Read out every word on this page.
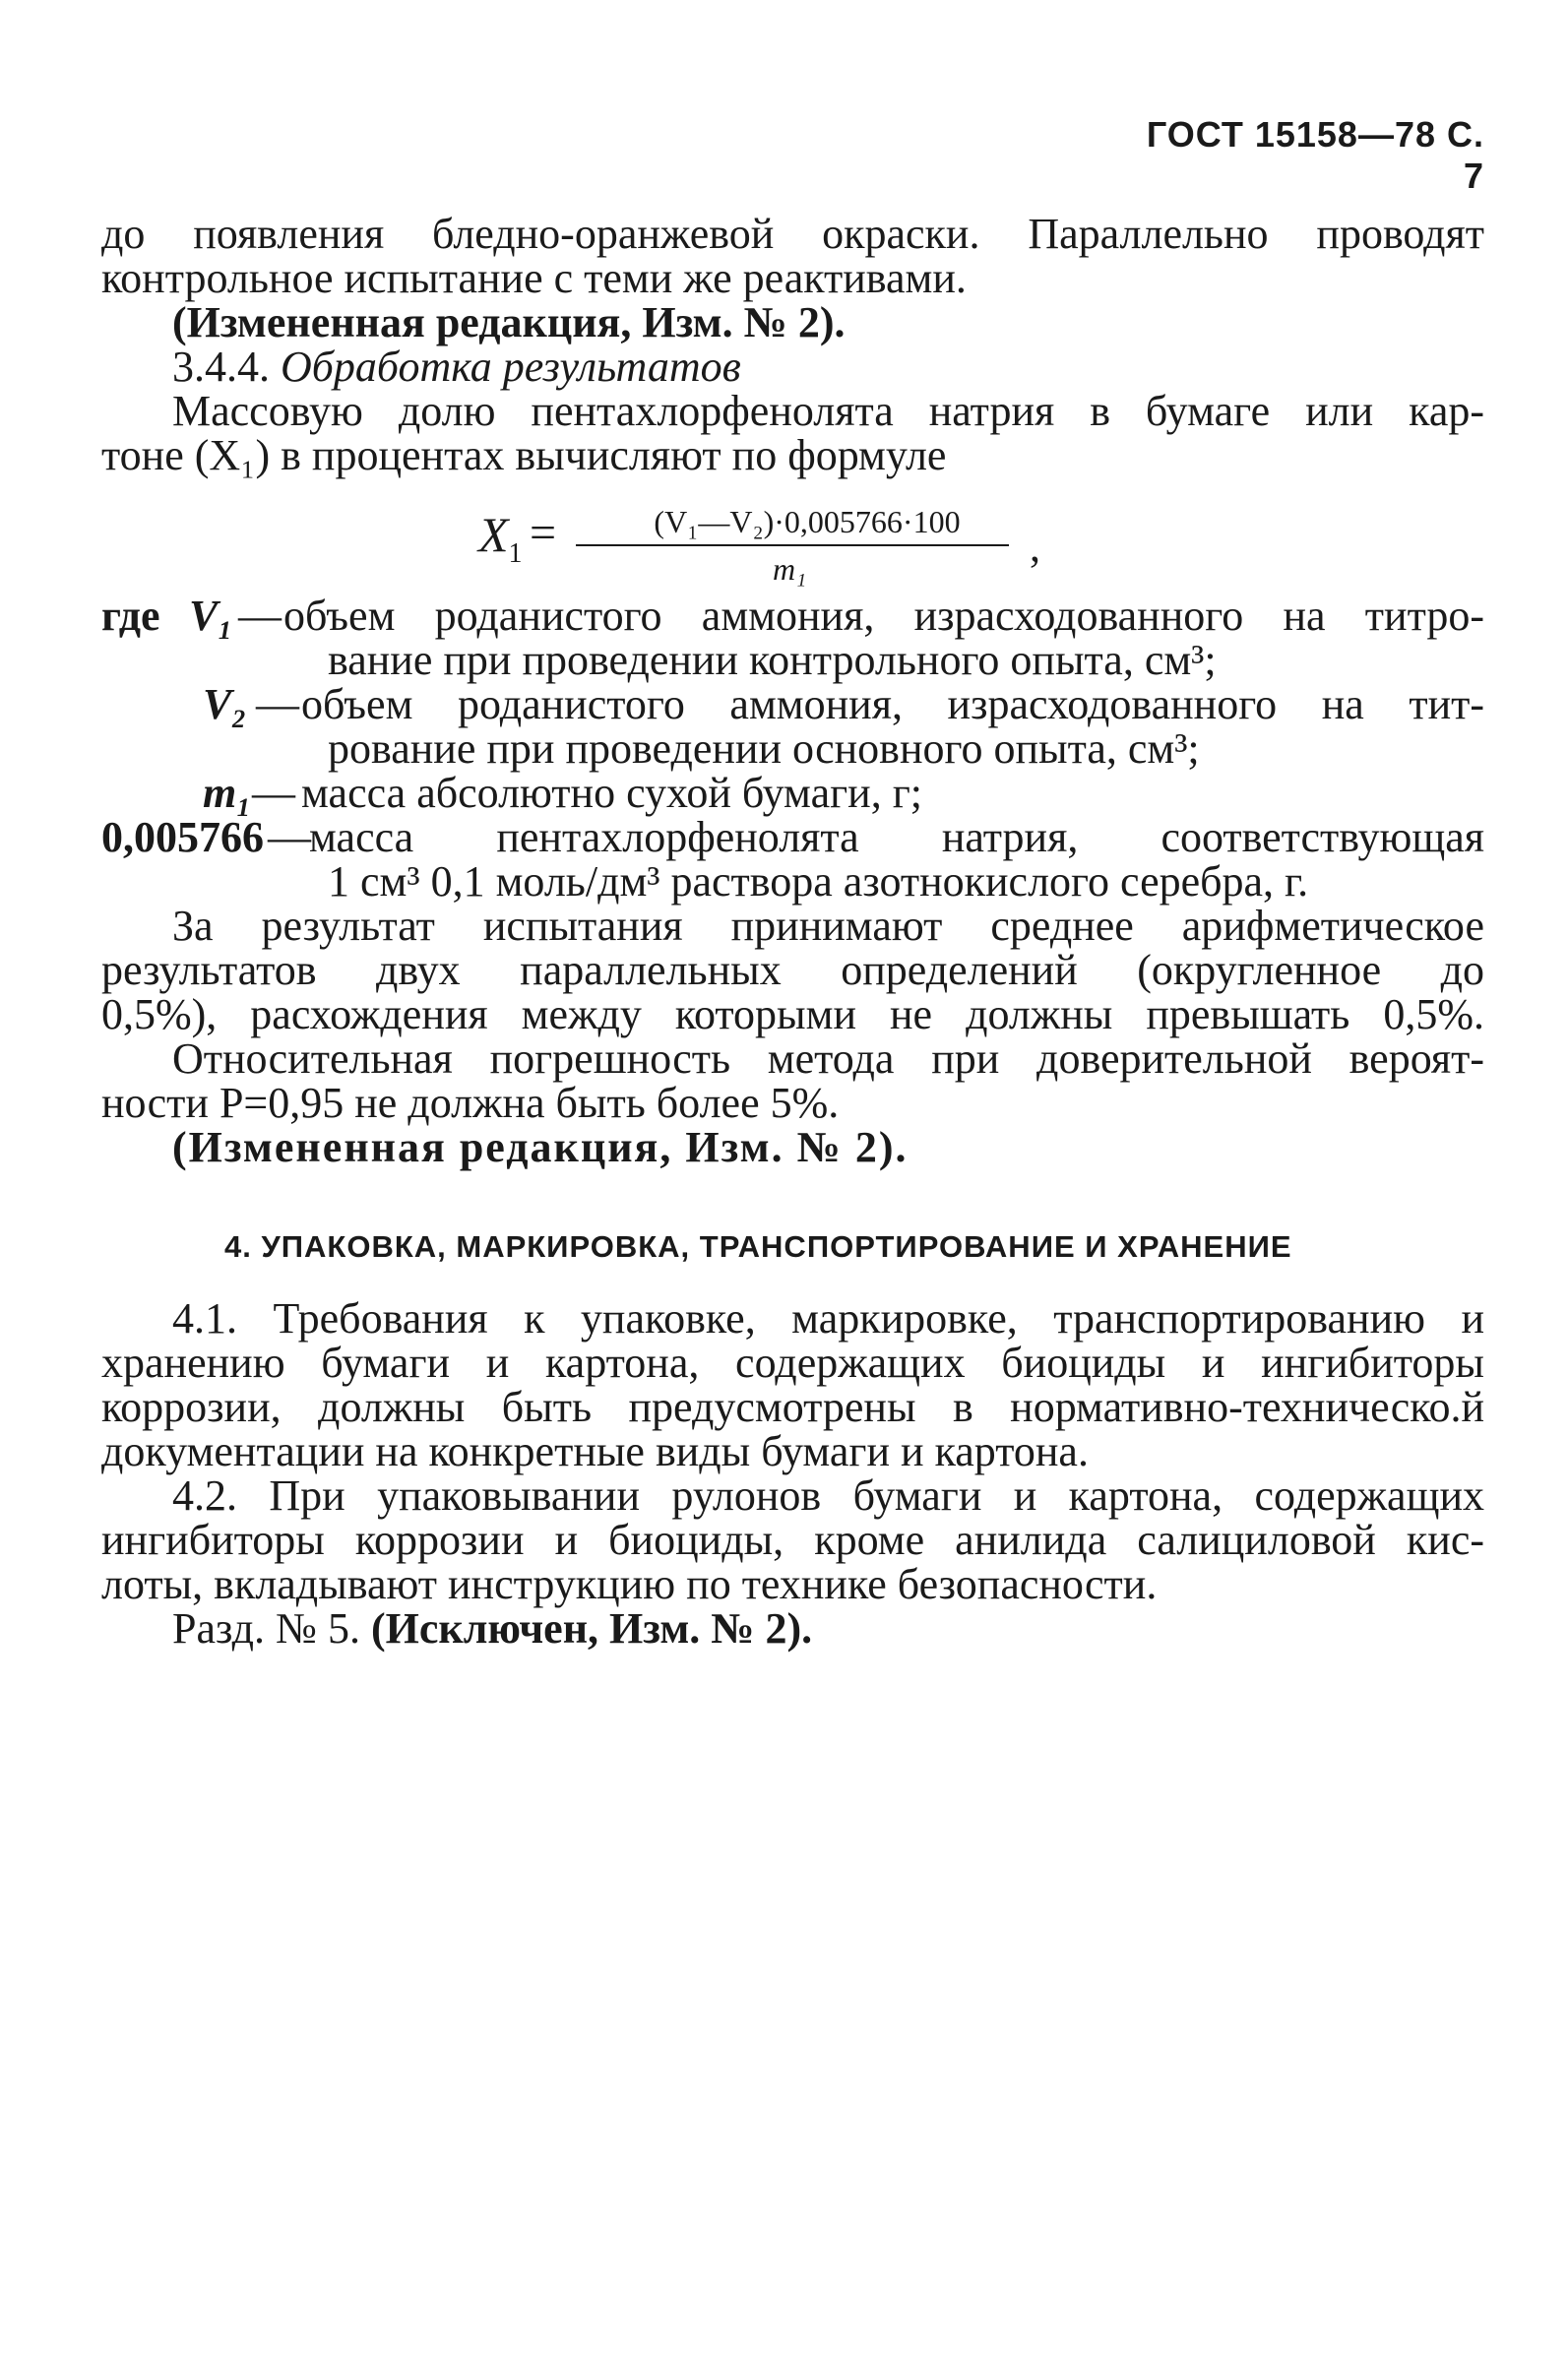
ГОСТ 15158—78 С. 7
до появления бледно-оранжевой окраски. Параллельно проводят
контрольное испытание с теми же реактивами.
(Измененная редакция, Изм. № 2).
3.4.4. Обработка результатов
Массовую долю пентахлорфенолята натрия в бумаге или кар-
тоне (X₁) в процентах вычисляют по формуле
$X_1$ =	(V₁—V₂)·0,005766·100
m₁	,
где V₁ — объем роданистого аммония, израсходованного на титро-
вание при проведении контрольного опыта, см³;
V₂ — объем роданистого аммония, израсходованного на тит-
рование при проведении основного опыта, см³;
m₁ — масса абсолютно сухой бумаги, г;
0,005766 —
масса пентахлорфенолята натрия, соответствующая
1 см³ 0,1 моль/дм³ раствора азотнокислого серебра, г.
За результат испытания принимают среднее арифметическое
результатов двух параллельных определений (округленное до
0,5%), расхождения между которыми не должны превышать 0,5%.
Относительная погрешность метода при доверительной вероят-
ности P=0,95 не должна быть более 5%.
(Измененная редакция, Изм. № 2).
4. УПАКОВКА, МАРКИРОВКА, ТРАНСПОРТИРОВАНИЕ И ХРАНЕНИЕ
4.1. Требования к упаковке, маркировке, транспортированию и
хранению бумаги и картона, содержащих биоциды и ингибиторы
коррозии, должны быть предусмотрены в нормативно-техническо.й
документации на конкретные виды бумаги и картона.
4.2. При упаковывании рулонов бумаги и картона, содержащих
ингибиторы коррозии и биоциды, кроме анилида салициловой кис-
лоты, вкладывают инструкцию по технике безопасности.
Разд. № 5. (Исключен, Изм. № 2).
